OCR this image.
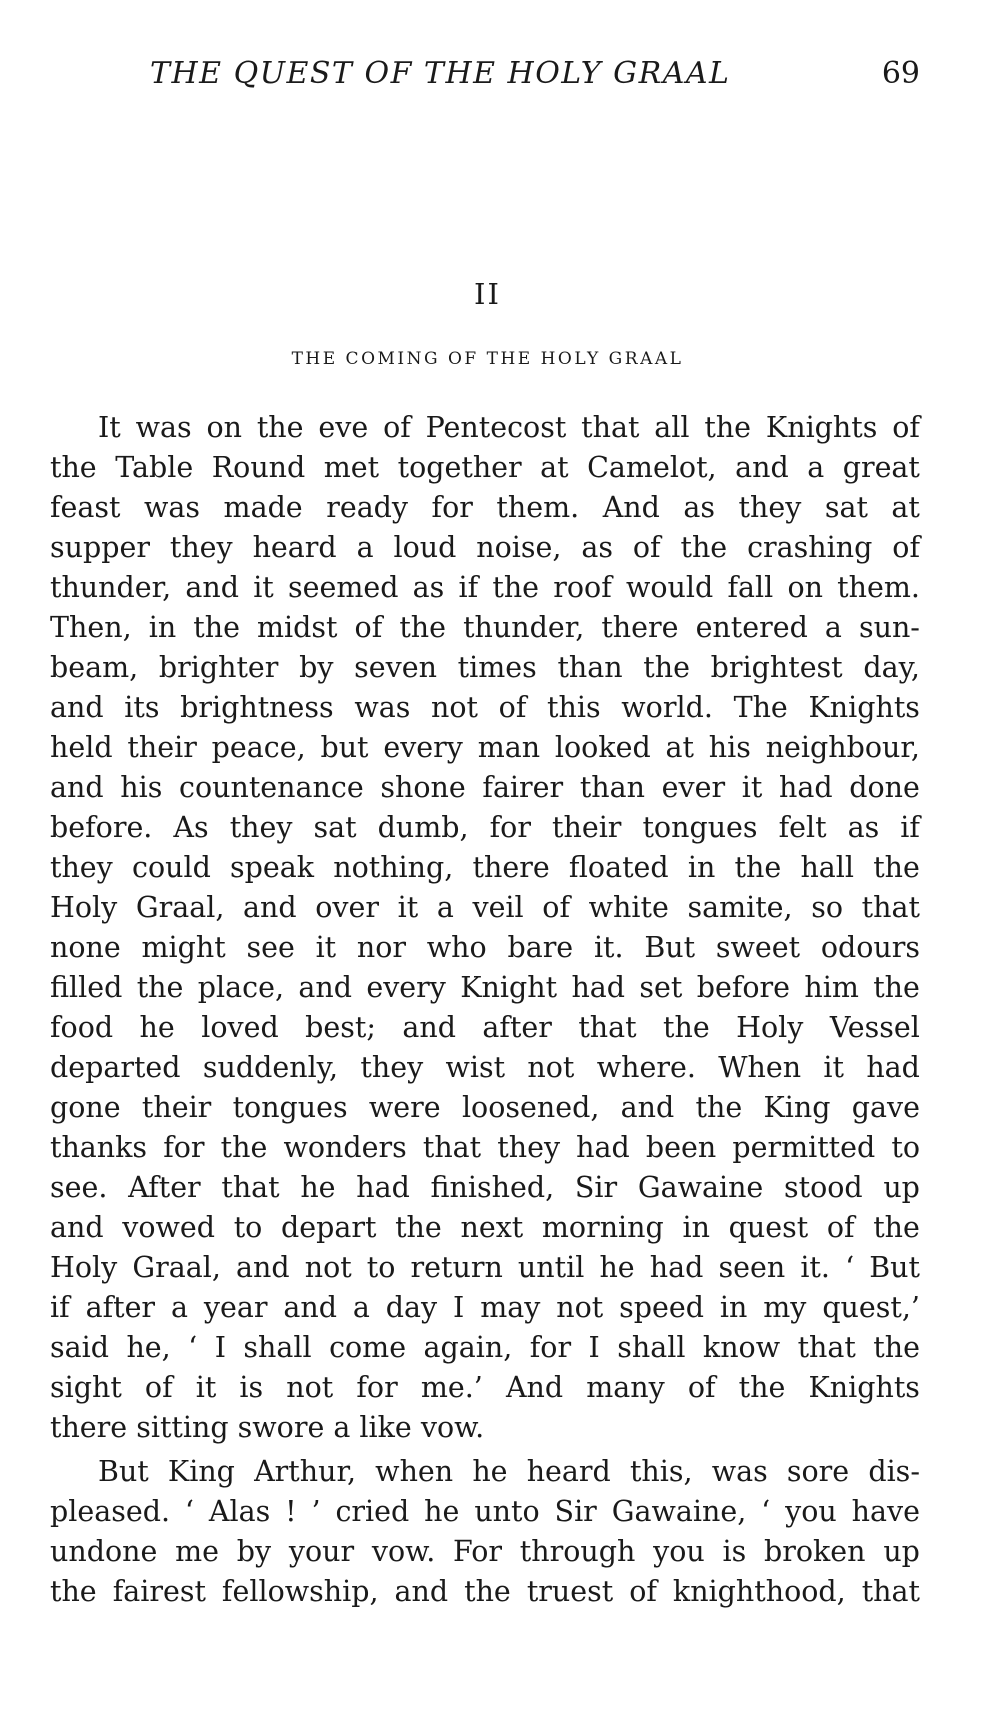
THE QUEST OF THE HOLY GRAAL	69
II
THE COMING OF THE HOLY GRAAL
It was on the eve of Pentecost that all the Knights of
the Table Round met together at Camelot, and a great
feast was made ready for them. And as they sat at
supper they heard a loud noise, as of the crashing of
thunder, and it seemed as if the roof would fall on them.
Then, in the midst of the thunder, there entered a sun-
beam, brighter by seven times than the brightest day,
and its brightness was not of this world. The Knights
held their peace, but every man looked at his neighbour,
and his countenance shone fairer than ever it had done
before. As they sat dumb, for their tongues felt as if
they could speak nothing, there floated in the hall the
Holy Graal, and over it a veil of white samite, so that
none might see it nor who bare it. But sweet odours
filled the place, and every Knight had set before him the
food he loved best; and after that the Holy Vessel
departed suddenly, they wist not where. When it had
gone their tongues were loosened, and the King gave
thanks for the wonders that they had been permitted to
see. After that he had finished, Sir Gawaine stood up
and vowed to depart the next morning in quest of the
Holy Graal, and not to return until he had seen it. ‘ But
if after a year and a day I may not speed in my quest,’
said he, ‘ I shall come again, for I shall know that the
sight of it is not for me.’ And many of the Knights
there sitting swore a like vow.
But King Arthur, when he heard this, was sore dis-
pleased. ‘ Alas ! ’ cried he unto Sir Gawaine, ‘ you have
undone me by your vow. For through you is broken up
the fairest fellowship, and the truest of knighthood, that
